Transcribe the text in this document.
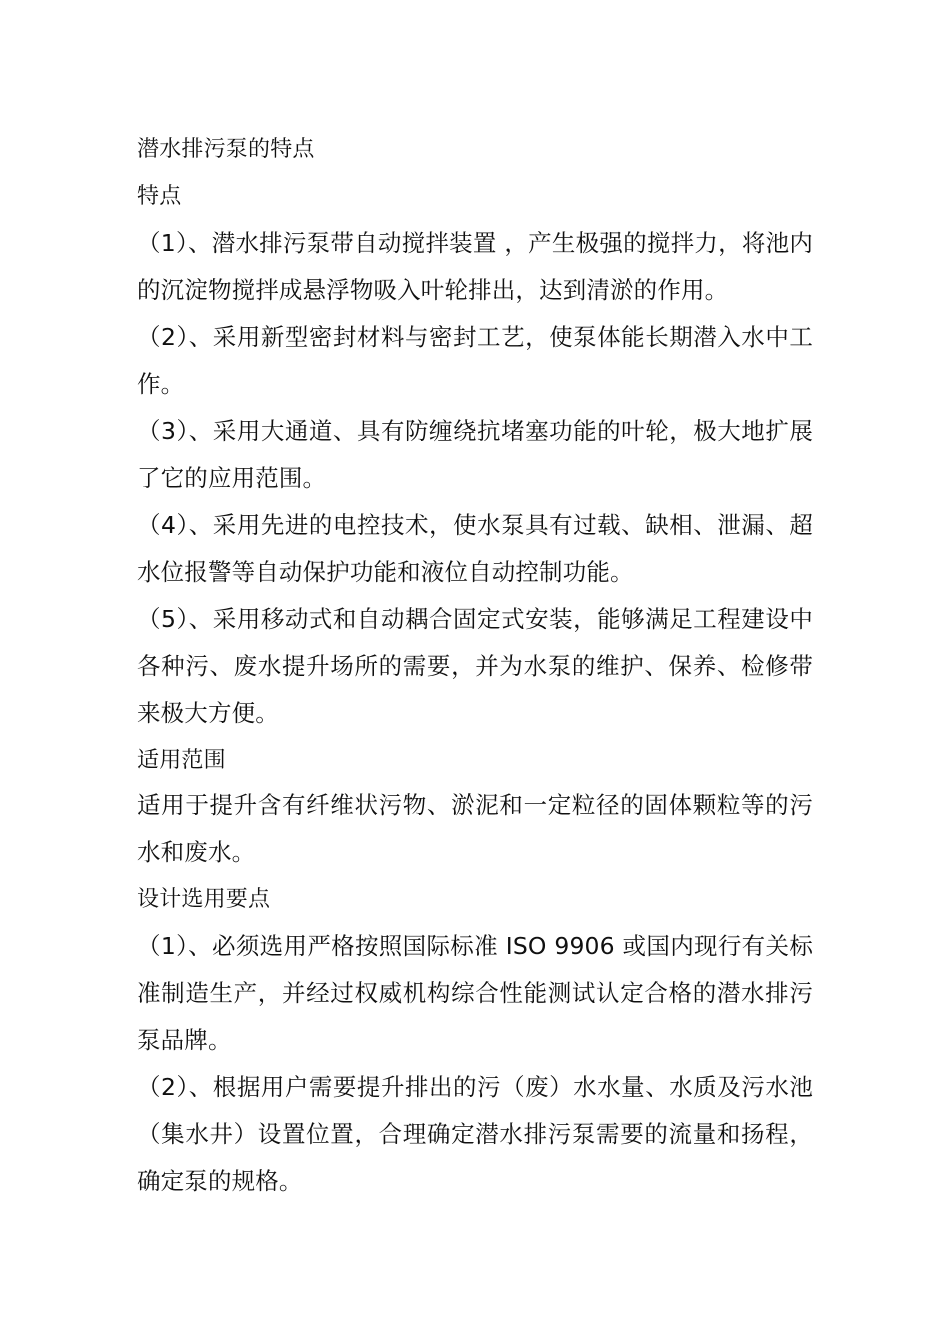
潜水排污泵的特点
特点

（1）、潜水排污泵带自动搅拌装置 ，产生极强的搅拌力，将池内的沉淀物搅拌成悬浮物吸入叶轮排出，达到清淤的作用。

（2）、采用新型密封材料与密封工艺，使泵体能长期潜入水中工作。

（3）、采用大通道、具有防缠绕抗堵塞功能的叶轮，极大地扩展了它的应用范围。

（4）、采用先进的电控技术，使水泵具有过载、缺相、泄漏、超水位报警等自动保护功能和液位自动控制功能。

（5）、采用移动式和自动耦合固定式安装，能够满足工程建设中各种污、废水提升场所的需要，并为水泵的维护、保养、检修带来极大方便。

适用范围

适用于提升含有纤维状污物、淤泥和一定粒径的固体颗粒等的污水和废水。

设计选用要点

（1）、必须选用严格按照国际标准 ISO 9906 或国内现行有关标准制造生产，并经过权威机构综合性能测试认定合格的潜水排污泵品牌。

（2）、根据用户需要提升排出的污（废）水水量、水质及污水池（集水井）设置位置，合理确定潜水排污泵需要的流量和扬程，确定泵的规格。
